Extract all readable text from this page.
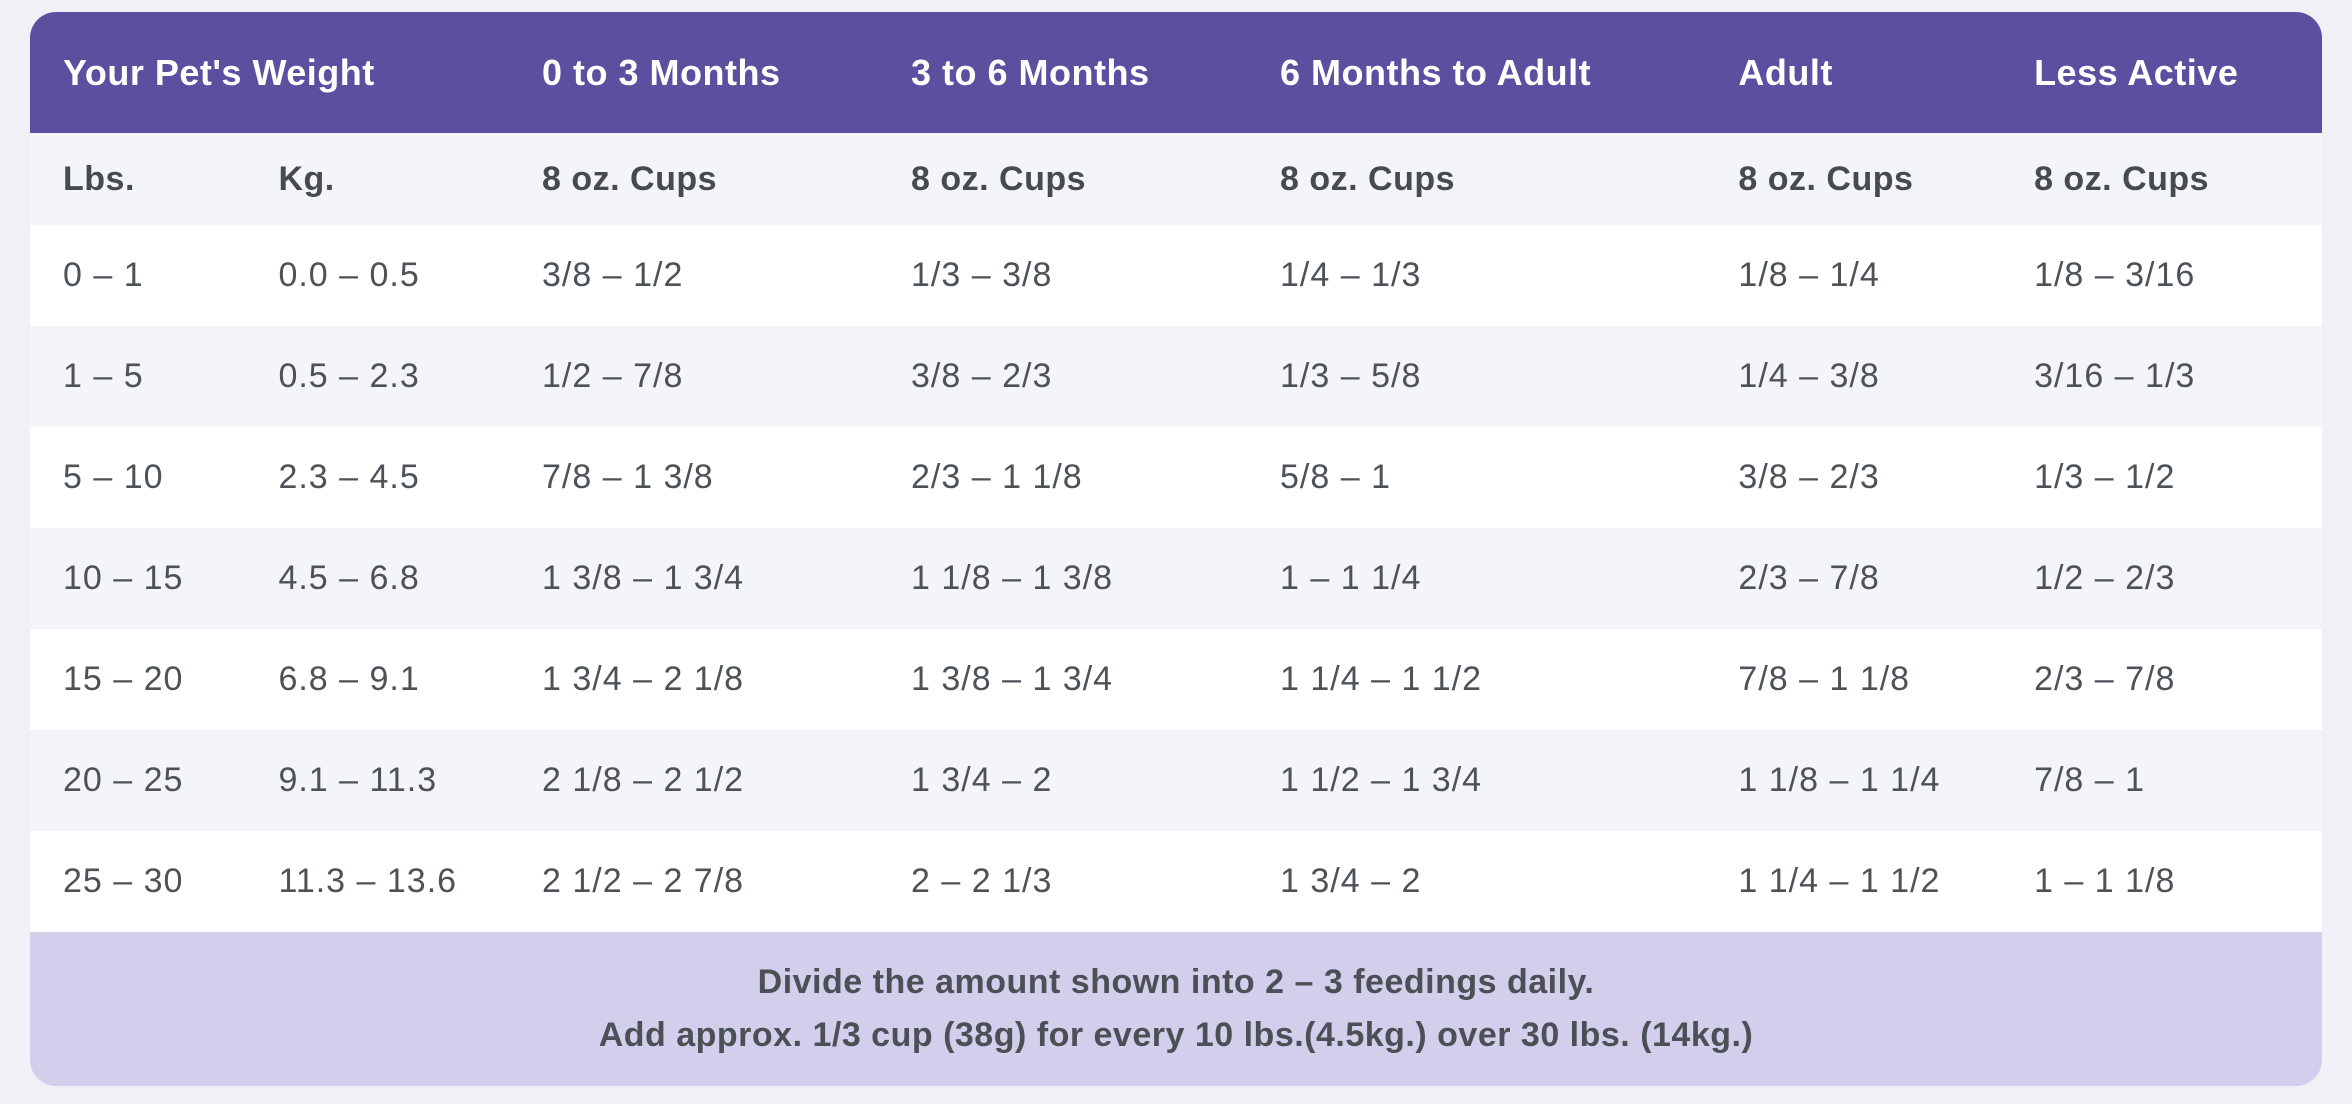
Your Pet's Weight		0 to 3 Months	3 to 6 Months	6 Months to Adult	Adult	Less Active
Lbs.	Kg.	8 oz. Cups	8 oz. Cups	8 oz. Cups	8 oz. Cups	8 oz. Cups
0 – 1	0.0 – 0.5	3/8 – 1/2	1/3 – 3/8	1/4 – 1/3	1/8 – 1/4	1/8 – 3/16
1 – 5	0.5 – 2.3	1/2 – 7/8	3/8 – 2/3	1/3 – 5/8	1/4 – 3/8	3/16 – 1/3
5 – 10	2.3 – 4.5	7/8 – 1 3/8	2/3 – 1 1/8	5/8 – 1	3/8 – 2/3	1/3 – 1/2
10 – 15	4.5 – 6.8	1 3/8 – 1 3/4	1 1/8 – 1 3/8	1 – 1 1/4	2/3 – 7/8	1/2 – 2/3
15 – 20	6.8 – 9.1	1 3/4 – 2 1/8	1 3/8 – 1 3/4	1 1/4 – 1 1/2	7/8 – 1 1/8	2/3 – 7/8
20 – 25	9.1 – 11.3	2 1/8 – 2 1/2	1 3/4 – 2	1 1/2 – 1 3/4	1 1/8 – 1 1/4	7/8 – 1
25 – 30	11.3 – 13.6	2 1/2 – 2 7/8	2 – 2 1/3	1 3/4 – 2	1 1/4 – 1 1/2	1 – 1 1/8
Divide the amount shown into 2 – 3 feedings daily.
Add approx. 1/3 cup (38g) for every 10 lbs.(4.5kg.) over 30 lbs. (14kg.)
